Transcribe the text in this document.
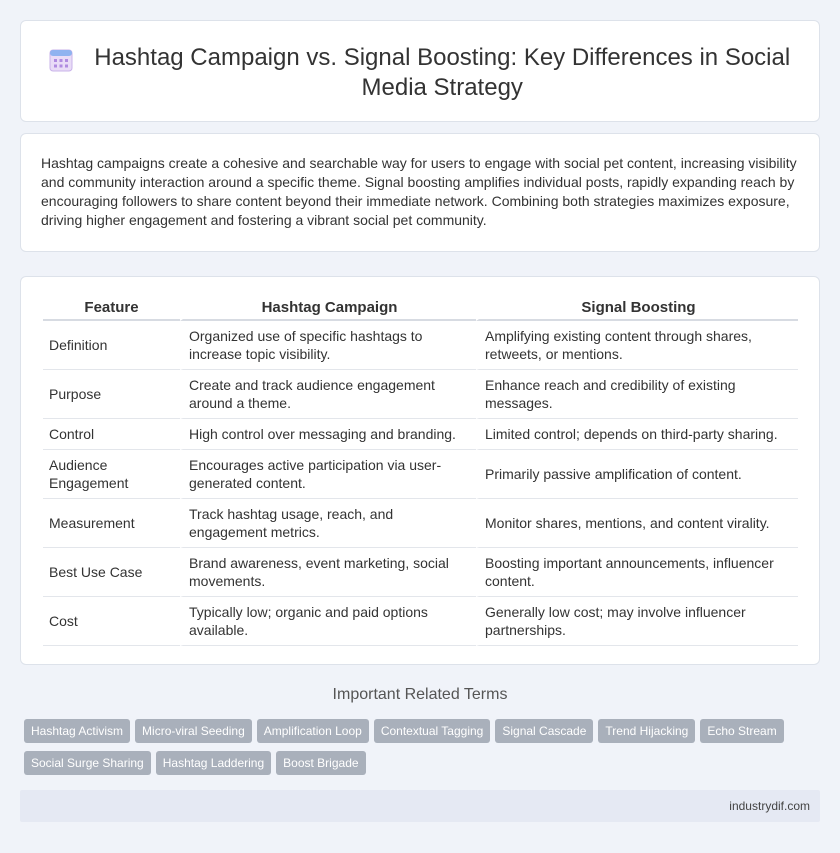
Hashtag Campaign vs. Signal Boosting: Key Differences in Social Media Strategy

Hashtag campaigns create a cohesive and searchable way for users to engage with social pet content, increasing visibility and community interaction around a specific theme. Signal boosting amplifies individual posts, rapidly expanding reach by encouraging followers to share content beyond their immediate network. Combining both strategies maximizes exposure, driving higher engagement and fostering a vibrant social pet community.

Feature	Hashtag Campaign	Signal Boosting
Definition	Organized use of specific hashtags to increase topic visibility.	Amplifying existing content through shares, retweets, or mentions.
Purpose	Create and track audience engagement around a theme.	Enhance reach and credibility of existing messages.
Control	High control over messaging and branding.	Limited control; depends on third-party sharing.
Audience Engagement	Encourages active participation via user-generated content.	Primarily passive amplification of content.
Measurement	Track hashtag usage, reach, and engagement metrics.	Monitor shares, mentions, and content virality.
Best Use Case	Brand awareness, event marketing, social movements.	Boosting important announcements, influencer content.
Cost	Typically low; organic and paid options available.	Generally low cost; may involve influencer partnerships.
Important Related Terms
Hashtag Activism	Micro-viral Seeding	Amplification Loop	Contextual Tagging	Signal Cascade	Trend Hijacking	Echo Stream
Social Surge Sharing	Hashtag Laddering	Boost Brigade
industrydif.com
